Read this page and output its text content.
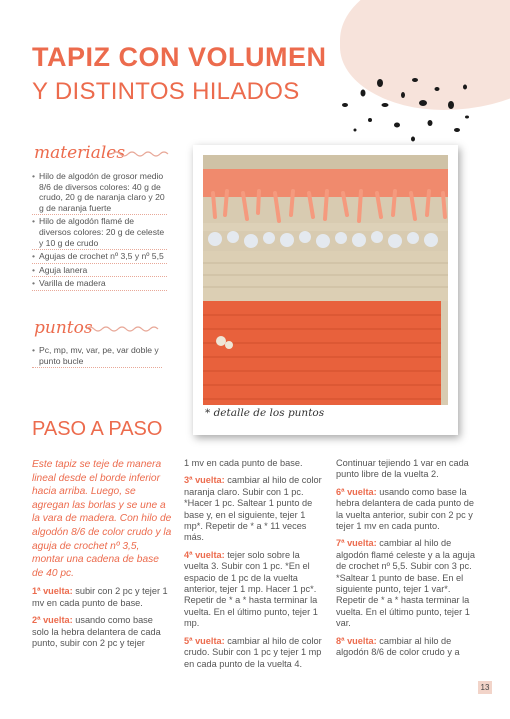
TAPIZ CON VOLUMEN
Y DISTINTOS HILADOS
materiales
• Hilo de algodón de grosor medio 8/6 de diversos colores: 40 g de crudo, 20 g de naranja claro y 20 g de naranja fuerte
• Hilo de algodón flamé de diversos colores: 20 g de celeste y 10 g de crudo
• Agujas de crochet nº 3,5 y nº 5,5
• Aguja lanera
• Varilla de madera
puntos
• Pc, mp, mv, var, pe, var doble y punto bucle
* detalle de los puntos
PASO A PASO

Este tapiz se teje de manera lineal desde el borde inferior hacia arriba. Luego, se agregan las borlas y se une a la vara de madera. Con hilo de algodón 8/6 de color crudo y la aguja de crochet nº 3,5, montar una cadena de base de 40 pc.

1ª vuelta: subir con 2 pc y tejer 1 mv en cada punto de base.

2ª vuelta: usando como base solo la hebra delantera de cada punto, subir con 2 pc y tejer

1 mv en cada punto de base.

3ª vuelta: cambiar al hilo de color naranja claro. Subir con 1 pc. *Hacer 1 pc. Saltear 1 punto de base y, en el siguiente, tejer 1 mp*. Repetir de * a * 11 veces más.

4ª vuelta: tejer solo sobre la vuelta 3. Subir con 1 pc. *En el espacio de 1 pc de la vuelta anterior, tejer 1 mp. Hacer 1 pc*. Repetir de * a * hasta terminar la vuelta. En el último punto, tejer 1 mp.

5ª vuelta: cambiar al hilo de color crudo. Subir con 1 pc y tejer 1 mp en cada punto de la vuelta 4.

Continuar tejiendo 1 var en cada punto libre de la vuelta 2.

6ª vuelta: usando como base la hebra delantera de cada punto de la vuelta anterior, subir con 2 pc y tejer 1 mv en cada punto.

7ª vuelta: cambiar al hilo de algodón flamé celeste y a la aguja de crochet nº 5,5. Subir con 3 pc. *Saltear 1 punto de base. En el siguiente punto, tejer 1 var*. Repetir de * a * hasta terminar la vuelta. En el último punto, tejer 1 var.

8ª vuelta: cambiar al hilo de algodón 8/6 de color crudo y a

13
